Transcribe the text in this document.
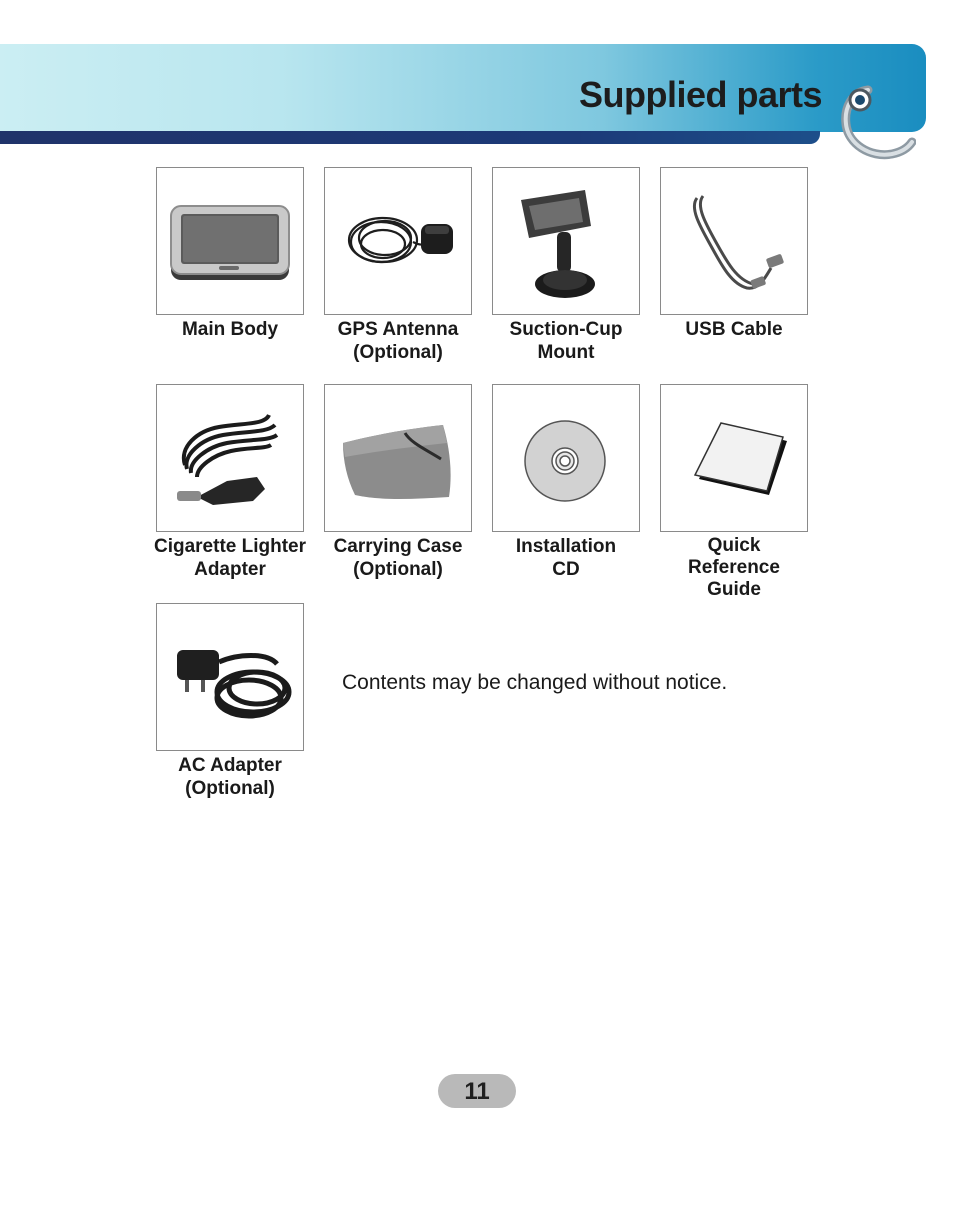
Supplied parts
Main Body	GPS Antenna
(Optional)
Suction-Cup
Mount
USB Cable
Cigarette Lighter
Adapter
Carrying Case
(Optional)
Installation
CD
Quick
Reference
Guide
AC Adapter
(Optional)
Contents may be changed without notice.
11
